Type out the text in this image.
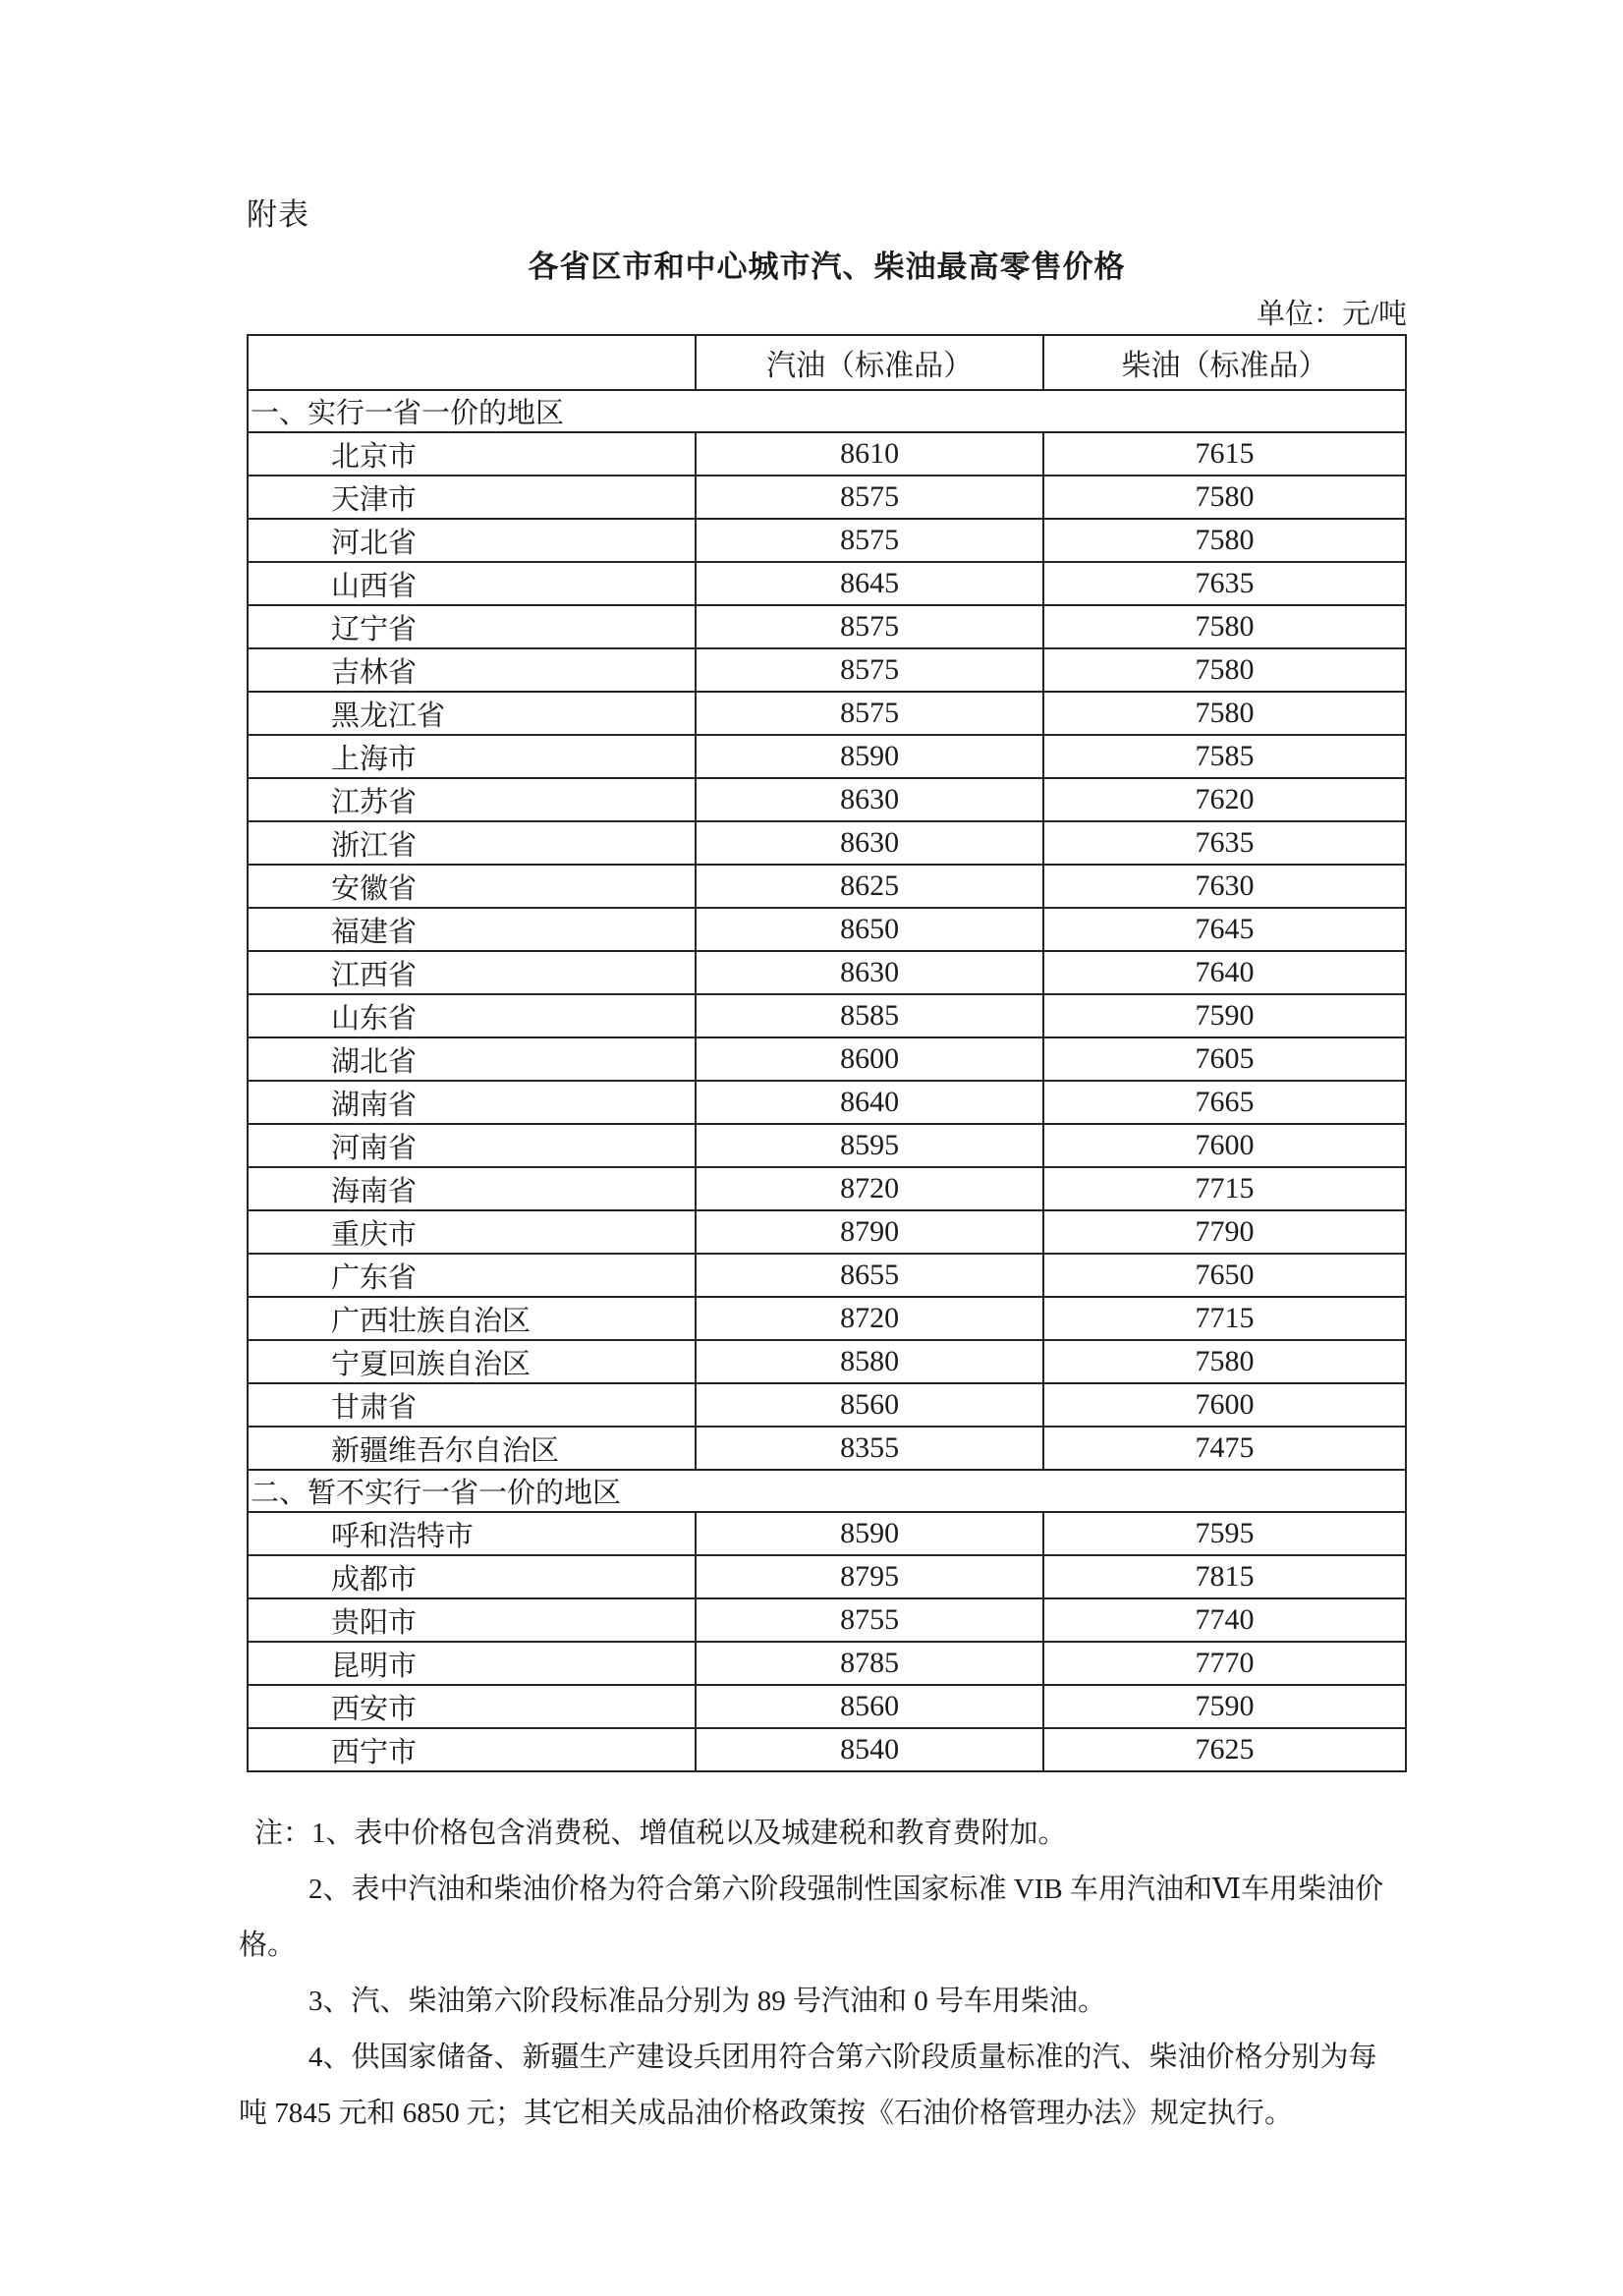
附表
各省区市和中心城市汽、柴油最高零售价格
单位：元/吨
	汽油（标准品）	柴油（标准品）
一、实行一省一价的地区		
北京市	8610	7615
天津市	8575	7580
河北省	8575	7580
山西省	8645	7635
辽宁省	8575	7580
吉林省	8575	7580
黑龙江省	8575	7580
上海市	8590	7585
江苏省	8630	7620
浙江省	8630	7635
安徽省	8625	7630
福建省	8650	7645
江西省	8630	7640
山东省	8585	7590
湖北省	8600	7605
湖南省	8640	7665
河南省	8595	7600
海南省	8720	7715
重庆市	8790	7790
广东省	8655	7650
广西壮族自治区	8720	7715
宁夏回族自治区	8580	7580
甘肃省	8560	7600
新疆维吾尔自治区	8355	7475
二、暂不实行一省一价的地区		
呼和浩特市	8590	7595
成都市	8795	7815
贵阳市	8755	7740
昆明市	8785	7770
西安市	8560	7590
西宁市	8540	7625
注：1、表中价格包含消费税、增值税以及城建税和教育费附加。
2、表中汽油和柴油价格为符合第六阶段强制性国家标准 VIB 车用汽油和Ⅵ车用柴油价
格。
3、汽、柴油第六阶段标准品分别为 89 号汽油和 0 号车用柴油。
4、供国家储备、新疆生产建设兵团用符合第六阶段质量标准的汽、柴油价格分别为每
吨 7845 元和 6850 元；其它相关成品油价格政策按《石油价格管理办法》规定执行。
